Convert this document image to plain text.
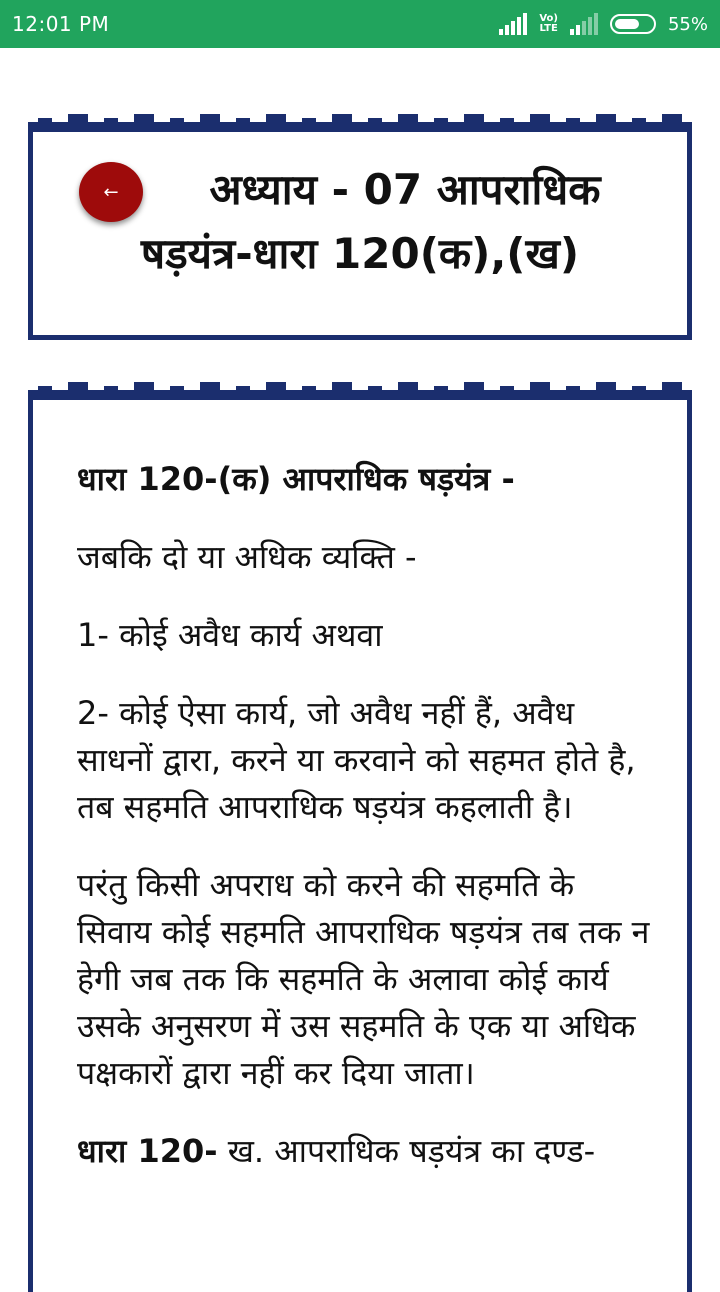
12:01 PM	Vo)
LTE	55%
←	अध्याय - 07 आपराधिक
षड़यंत्र-धारा 120(क),(ख)

धारा 120-(क) आपराधिक षड़यंत्र -

जबकि दो या अधिक व्यक्ति -

1- कोई अवैध कार्य अथवा

2- कोई ऐसा कार्य, जो अवैध नहीं हैं, अवैध साधनों द्वारा, करने या करवाने को सहमत होते है, तब सहमति आपराधिक षड़यंत्र कहलाती है।

परंतु किसी अपराध को करने की सहमति के सिवाय कोई सहमति आपराधिक षड़यंत्र तब तक न हेगी जब तक कि सहमति के अलावा कोई कार्य उसके अनुसरण में उस सहमति के एक या अधिक पक्षकारों द्वारा नहीं कर दिया जाता।

धारा 120- ख. आपराधिक षड़यंत्र का दण्ड-
